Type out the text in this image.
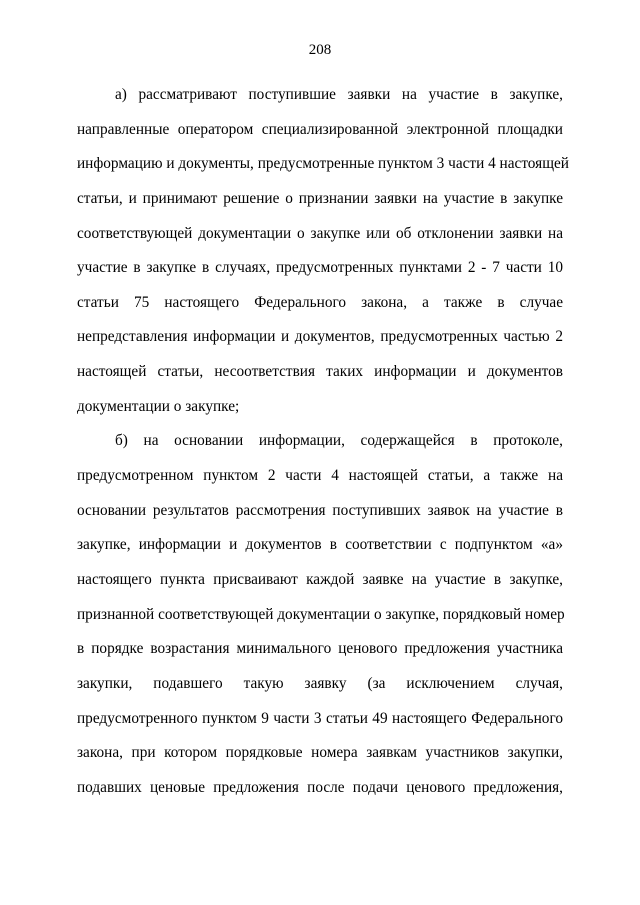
208
а) рассматривают поступившие заявки на участие в закупке,
направленные оператором специализированной электронной площадки
информацию и документы, предусмотренные пунктом 3 части 4 настоящей
статьи, и принимают решение о признании заявки на участие в закупке
соответствующей документации о закупке или об отклонении заявки на
участие в закупке в случаях, предусмотренных пунктами 2 - 7 части 10
статьи 75 настоящего Федерального закона, а также в случае
непредставления информации и документов, предусмотренных частью 2
настоящей статьи, несоответствия таких информации и документов
документации о закупке;
б) на основании информации, содержащейся в протоколе,
предусмотренном пунктом 2 части 4 настоящей статьи, а также на
основании результатов рассмотрения поступивших заявок на участие в
закупке, информации и документов в соответствии с подпунктом «а»
настоящего пункта присваивают каждой заявке на участие в закупке,
признанной соответствующей документации о закупке, порядковый номер
в порядке возрастания минимального ценового предложения участника
закупки, подавшего такую заявку (за исключением случая,
предусмотренного пунктом 9 части 3 статьи 49 настоящего Федерального
закона, при котором порядковые номера заявкам участников закупки,
подавших ценовые предложения после подачи ценового предложения,
